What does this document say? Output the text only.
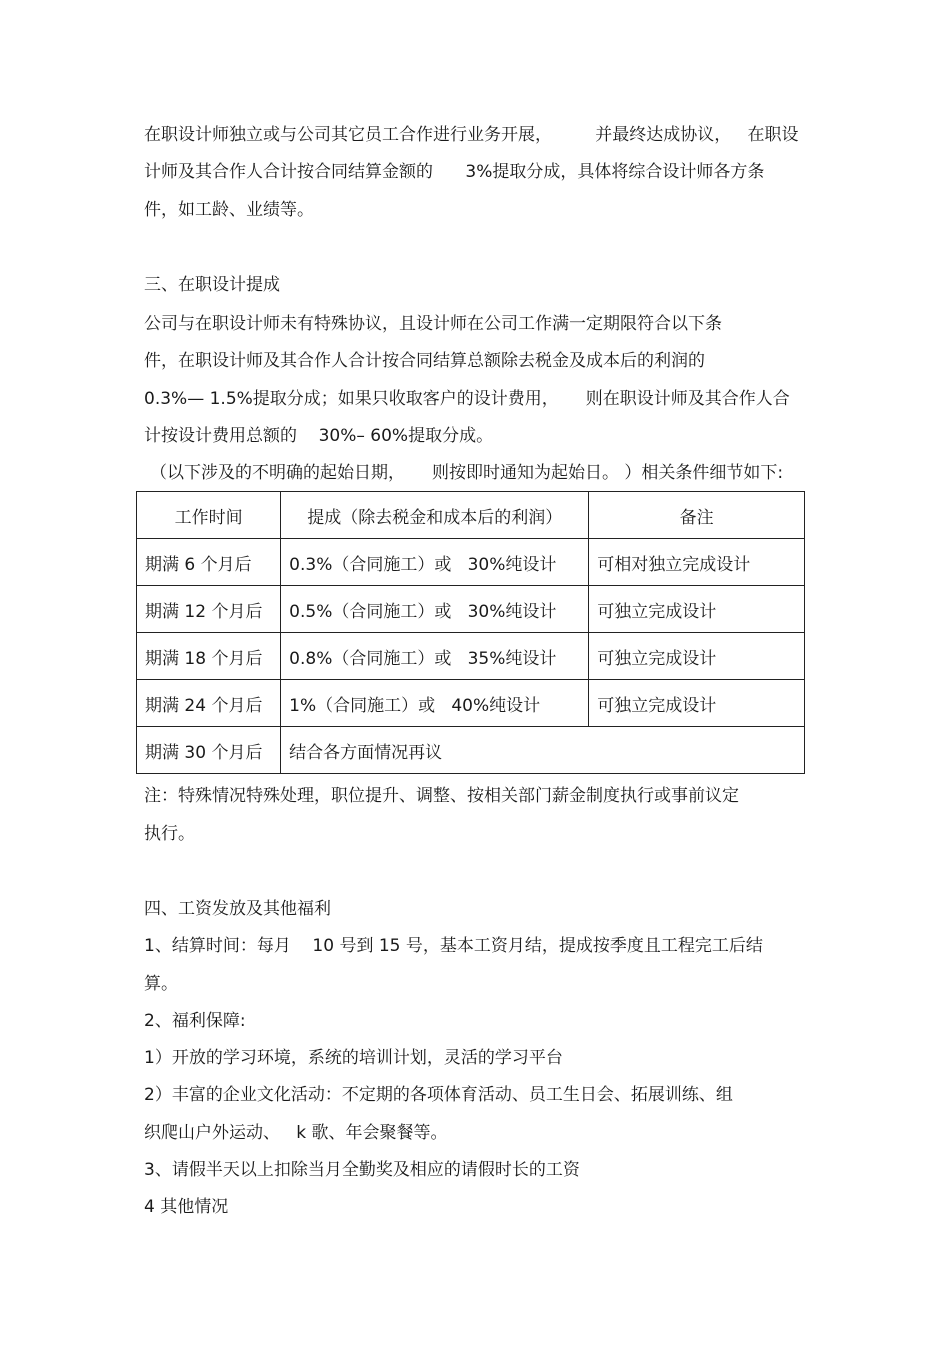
在职设计师独立或与公司其它员工合作进行业务开展，        并最终达成协议，   在职设
计师及其合作人合计按合同结算金额的      3%提取分成，具体将综合设计师各方条
件，如工龄、业绩等。
三、在职设计提成
公司与在职设计师未有特殊协议，且设计师在公司工作满一定期限符合以下条
件，在职设计师及其合作人合计按合同结算总额除去税金及成本后的利润的
0.3%— 1.5%提取分成；如果只收取客户的设计费用，     则在职设计师及其合作人合
计按设计费用总额的    30%– 60%提取分成。
（以下涉及的不明确的起始日期，     则按即时通知为起始日。 ）相关条件细节如下:
工作时间	提成（除去税金和成本后的利润）	备注
期满 6 个月后	0.3%（合同施工）或   30%纯设计	可相对独立完成设计
期满 12 个月后	0.5%（合同施工）或   30%纯设计	可独立完成设计
期满 18 个月后	0.8%（合同施工）或   35%纯设计	可独立完成设计
期满 24 个月后	1%（合同施工）或   40%纯设计	可独立完成设计
期满 30 个月后	结合各方面情况再议	
注：特殊情况特殊处理，职位提升、调整、按相关部门薪金制度执行或事前议定
执行。
四、工资发放及其他福利
1、结算时间：每月    10 号到 15 号，基本工资月结，提成按季度且工程完工后结
算。
2、福利保障:
1）开放的学习环境，系统的培训计划，灵活的学习平台
2）丰富的企业文化活动：不定期的各项体育活动、员工生日会、拓展训练、组
织爬山户外运动、   k 歌、年会聚餐等。
3、请假半天以上扣除当月全勤奖及相应的请假时长的工资
4 其他情况
